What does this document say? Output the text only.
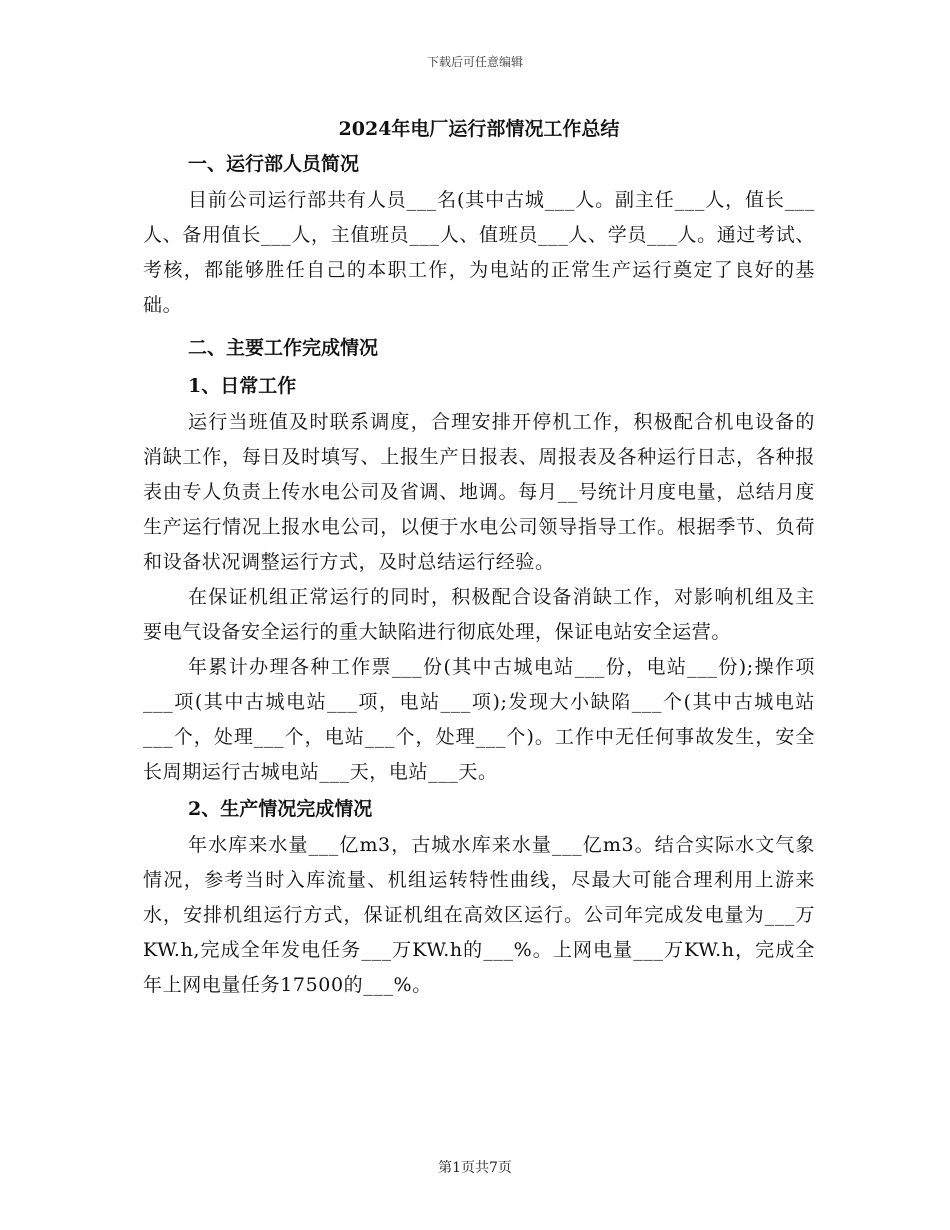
下载后可任意编辑
2024年电厂运行部情况工作总结
一、运行部人员简况

目前公司运行部共有人员___名(其中古城___人。副主任___人，值长___人、备用值长___人，主值班员___人、值班员___人、学员___人。通过考试、考核，都能够胜任自己的本职工作，为电站的正常生产运行奠定了良好的基础。

二、主要工作完成情况
1、日常工作

运行当班值及时联系调度，合理安排开停机工作，积极配合机电设备的消缺工作，每日及时填写、上报生产日报表、周报表及各种运行日志，各种报表由专人负责上传水电公司及省调、地调。每月__号统计月度电量，总结月度生产运行情况上报水电公司，以便于水电公司领导指导工作。根据季节、负荷和设备状况调整运行方式，及时总结运行经验。

在保证机组正常运行的同时，积极配合设备消缺工作，对影响机组及主要电气设备安全运行的重大缺陷进行彻底处理，保证电站安全运营。

年累计办理各种工作票___份(其中古城电站___份，电站___份);操作项___项(其中古城电站___项，电站___项);发现大小缺陷___个(其中古城电站___个，处理___个，电站___个，处理___个)。工作中无任何事故发生，安全长周期运行古城电站___天，电站___天。

2、生产情况完成情况

年水库来水量___亿m3，古城水库来水量___亿m3。结合实际水文气象情况，参考当时入库流量、机组运转特性曲线，尽最大可能合理利用上游来水，安排机组运行方式，保证机组在高效区运行。公司年完成发电量为___万KW.h,完成全年发电任务___万KW.h的___%。上网电量___万KW.h，完成全年上网电量任务17500的___%。

第1页共7页
